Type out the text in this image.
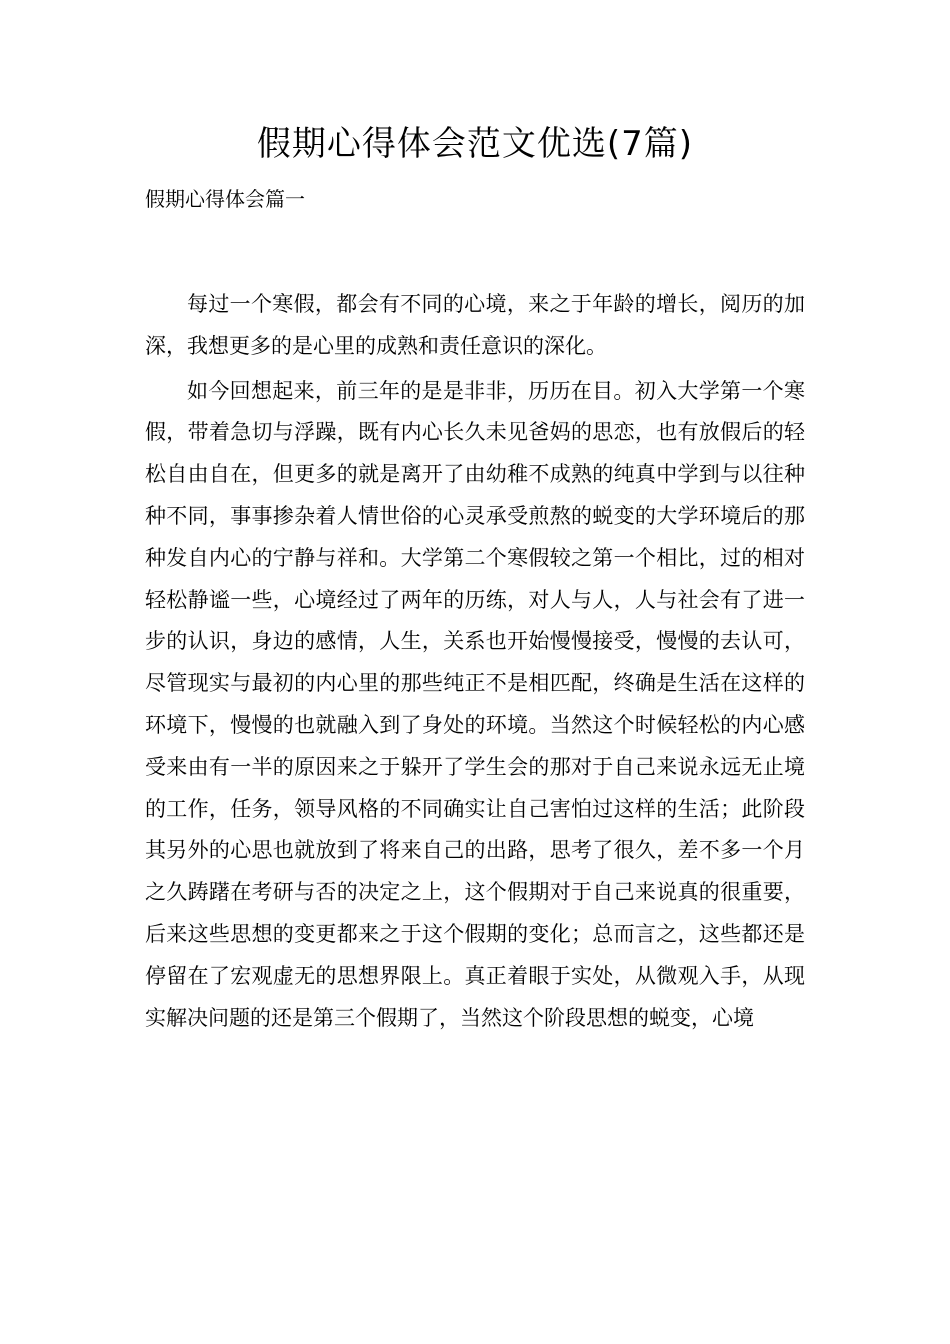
假期心得体会范文优选(7篇)
假期心得体会篇一

每过一个寒假，都会有不同的心境，来之于年龄的增长，阅历的加深，我想更多的是心里的成熟和责任意识的深化。

如今回想起来，前三年的是是非非，历历在目。初入大学第一个寒假，带着急切与浮躁，既有内心长久未见爸妈的思恋，也有放假后的轻松自由自在，但更多的就是离开了由幼稚不成熟的纯真中学到与以往种种不同，事事掺杂着人情世俗的心灵承受煎熬的蜕变的大学环境后的那种发自内心的宁静与祥和。大学第二个寒假较之第一个相比，过的相对轻松静谧一些，心境经过了两年的历练，对人与人，人与社会有了进一步的认识，身边的感情，人生，关系也开始慢慢接受，慢慢的去认可，尽管现实与最初的内心里的那些纯正不是相匹配，终确是生活在这样的环境下，慢慢的也就融入到了身处的环境。当然这个时候轻松的内心感受来由有一半的原因来之于躲开了学生会的那对于自己来说永远无止境的工作，任务，领导风格的不同确实让自己害怕过这样的生活；此阶段其另外的心思也就放到了将来自己的出路，思考了很久，差不多一个月之久踌躇在考研与否的决定之上，这个假期对于自己来说真的很重要，后来这些思想的变更都来之于这个假期的变化；总而言之，这些都还是停留在了宏观虚无的思想界限上。真正着眼于实处，从微观入手，从现实解决问题的还是第三个假期了，当然这个阶段思想的蜕变，心境
